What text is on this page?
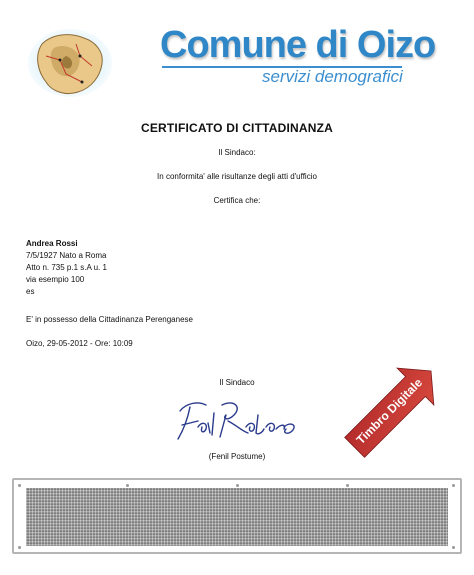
Comune di Oizo
servizi demografici
CERTIFICATO DI CITTADINANZA
Il Sindaco:
In conformita' alle risultanze degli atti d'ufficio
Certifica che:
Andrea Rossi
7/5/1927 Nato a Roma
Atto n. 735 p.1 s.A u. 1
via esempio 100
es
E' in possesso della Cittadinanza Perenganese
Oizo, 29-05-2012 - Ore: 10:09
Il Sindaco
(Fenil Postume)
Timbro Digitale
